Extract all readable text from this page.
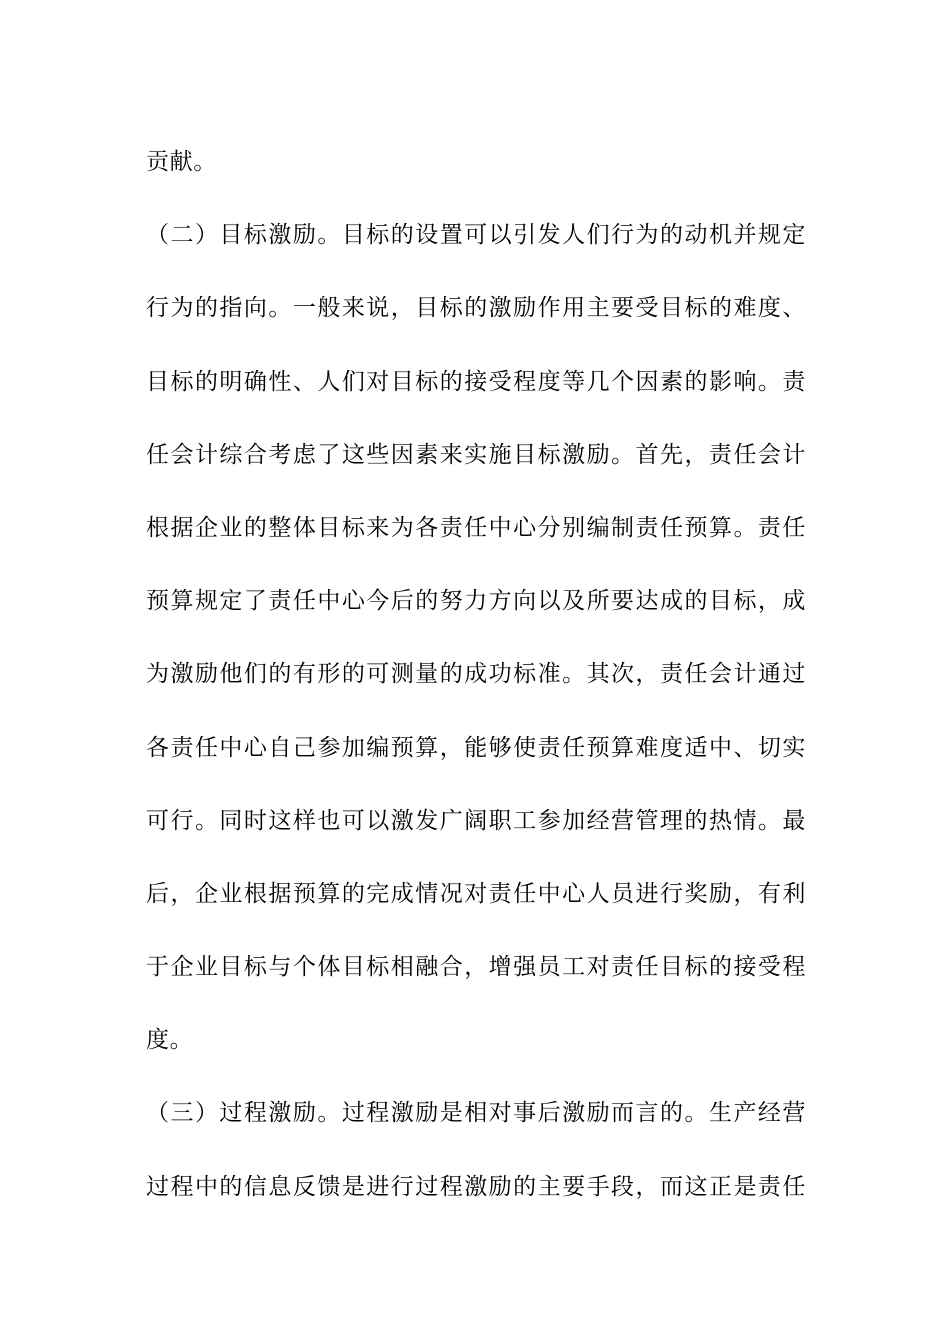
贡献。
（二）目标激励。目标的设置可以引发人们行为的动机并规定
行为的指向。一般来说，目标的激励作用主要受目标的难度、
目标的明确性、人们对目标的接受程度等几个因素的影响。责
任会计综合考虑了这些因素来实施目标激励。首先，责任会计
根据企业的整体目标来为各责任中心分别编制责任预算。责任
预算规定了责任中心今后的努力方向以及所要达成的目标，成
为激励他们的有形的可测量的成功标准。其次，责任会计通过
各责任中心自己参加编预算，能够使责任预算难度适中、切实
可行。同时这样也可以激发广阔职工参加经营管理的热情。最
后，企业根据预算的完成情况对责任中心人员进行奖励，有利
于企业目标与个体目标相融合，增强员工对责任目标的接受程
度。
（三）过程激励。过程激励是相对事后激励而言的。生产经营
过程中的信息反馈是进行过程激励的主要手段，而这正是责任
